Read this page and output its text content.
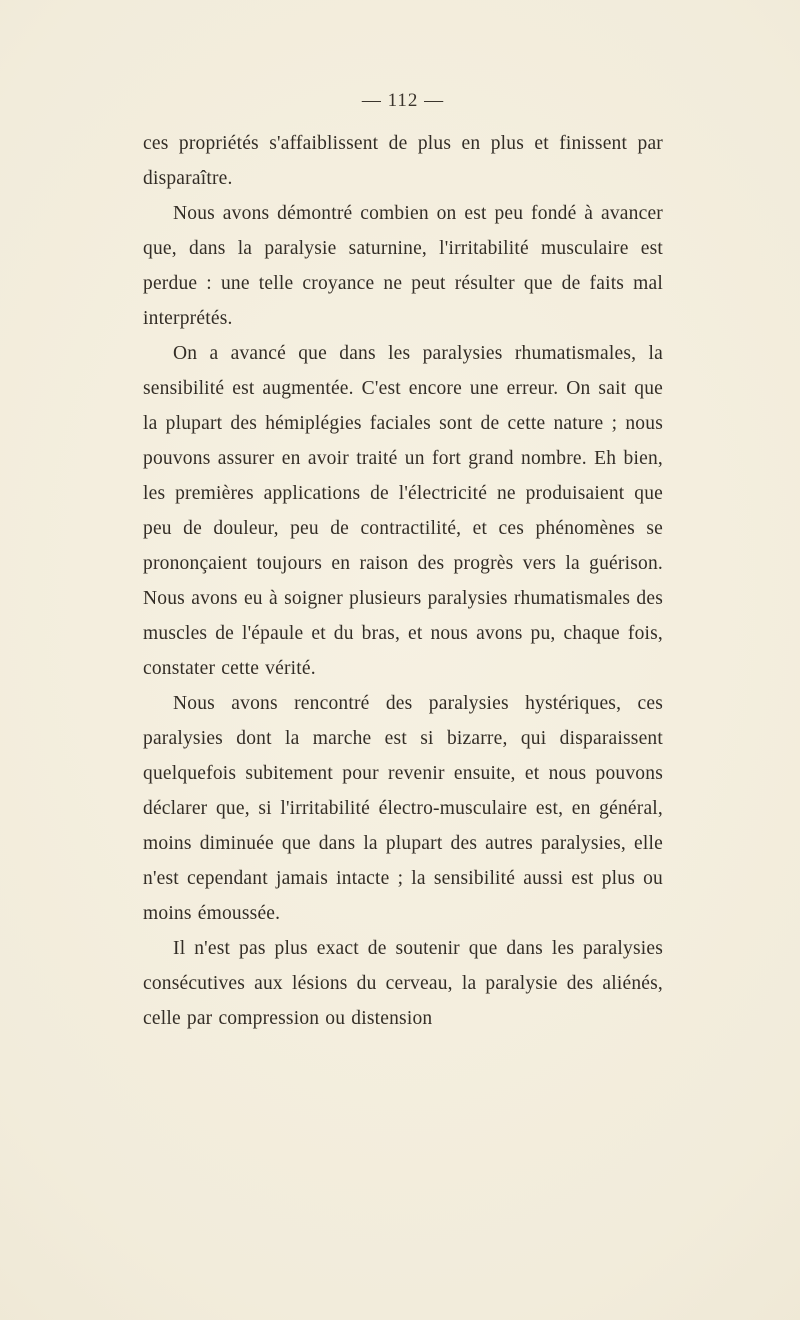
— 112 —

ces propriétés s'affaiblissent de plus en plus et finissent par disparaître.

Nous avons démontré combien on est peu fondé à avancer que, dans la paralysie saturnine, l'irritabilité musculaire est perdue : une telle croyance ne peut résulter que de faits mal interprétés.

On a avancé que dans les paralysies rhumatismales, la sensibilité est augmentée. C'est encore une erreur. On sait que la plupart des hémiplégies faciales sont de cette nature ; nous pouvons assurer en avoir traité un fort grand nombre. Eh bien, les premières applications de l'électricité ne produisaient que peu de douleur, peu de contractilité, et ces phénomènes se prononçaient toujours en raison des progrès vers la guérison. Nous avons eu à soigner plusieurs paralysies rhumatismales des muscles de l'épaule et du bras, et nous avons pu, chaque fois, constater cette vérité.

Nous avons rencontré des paralysies hystériques, ces paralysies dont la marche est si bizarre, qui disparaissent quelquefois subitement pour revenir ensuite, et nous pouvons déclarer que, si l'irritabilité électro-musculaire est, en général, moins diminuée que dans la plupart des autres paralysies, elle n'est cependant jamais intacte ; la sensibilité aussi est plus ou moins émoussée.

Il n'est pas plus exact de soutenir que dans les paralysies consécutives aux lésions du cerveau, la paralysie des aliénés, celle par compression ou distension
